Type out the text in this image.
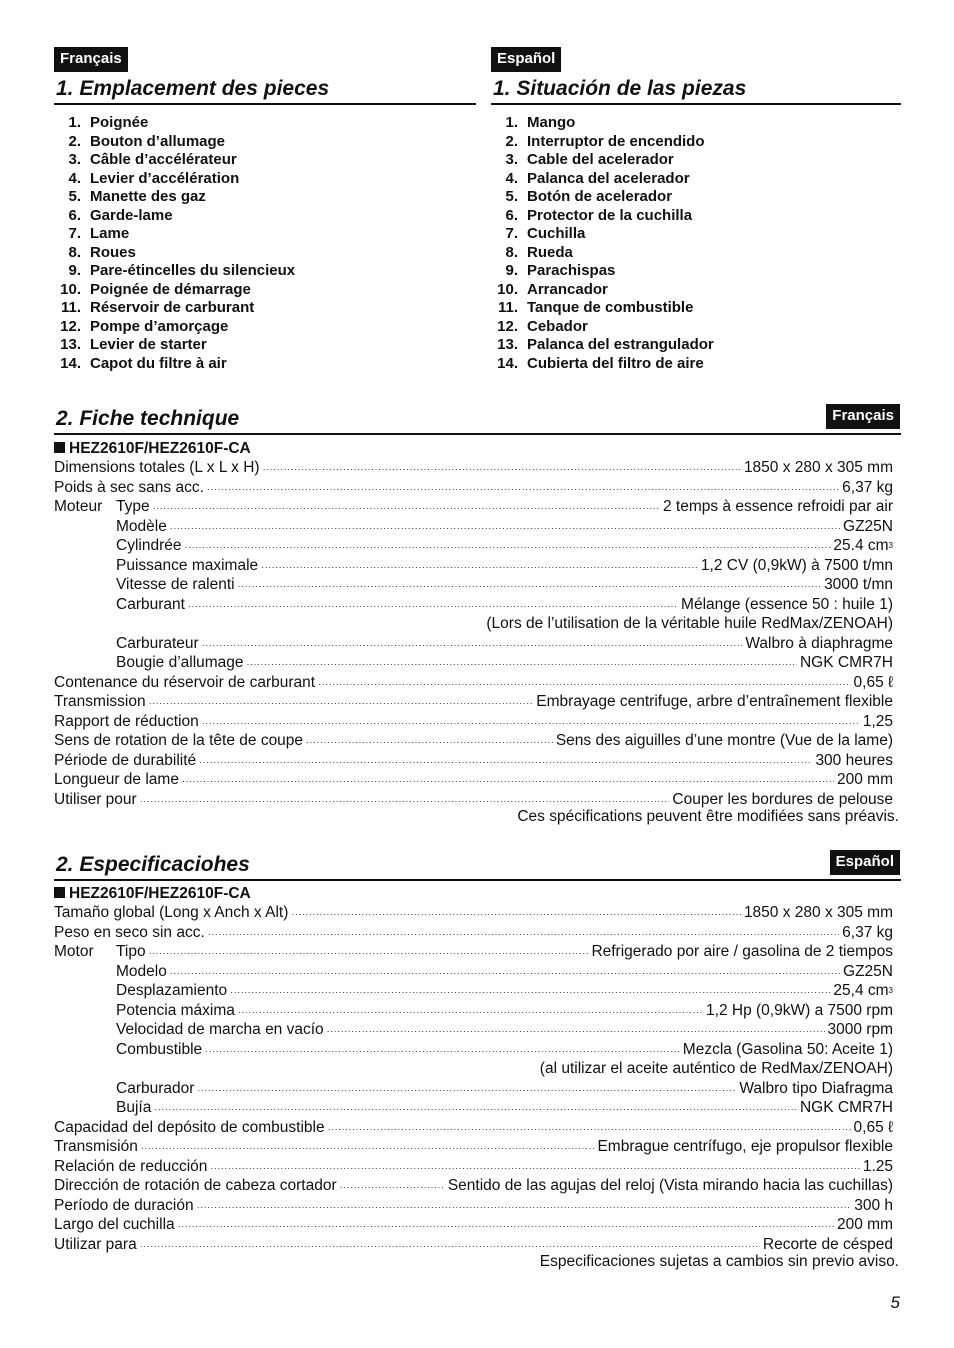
Français
1. Emplacement des pieces
1. Poignée
2. Bouton d’allumage
3. Câble d’accélérateur
4. Levier d’accélération
5. Manette des gaz
6. Garde-lame
7. Lame
8. Roues
9. Pare-étincelles du silencieux
10. Poignée de démarrage
11. Réservoir de carburant
12. Pompe d’amorçage
13. Levier de starter
14. Capot du filtre à air
Español
1. Situación de las piezas
1. Mango
2. Interruptor de encendido
3. Cable del acelerador
4. Palanca del acelerador
5. Botón de acelerador
6. Protector de la cuchilla
7. Cuchilla
8. Rueda
9. Parachispas
10. Arrancador
11. Tanque de combustible
12. Cebador
13. Palanca del estrangulador
14. Cubierta del filtro de aire
2. Fiche technique	Français
HEZ2610F/HEZ2610F-CA
Dimensions totales (L x L x H) ·····	1850 x 280 x 305 mm
Poids à sec sans acc. ·····	6,37 kg
Moteur Type ·····	2 temps à essence refroidi par air
Modèle ·····	GZ25N
Cylindrée ·····	25.4 $cm^3$
Puissance maximale ·····	1,2 CV (0,9kW) à 7500 t/mn
Vitesse de ralenti ·····	3000 t/mn
Carburant ·····	Mélange (essence 50 : huile 1)
(Lors de l’utilisation de la véritable huile RedMax/ZENOAH)
Carburateur ·····	Walbro à diaphragme
Bougie d’allumage ·····	NGK CMR7H
Contenance du réservoir de carburant ·····	0,65 ℓ
Transmission ·····	Embrayage centrifuge, arbre d’entraînement flexible
Rapport de réduction ·····	1,25
Sens de rotation de la tête de coupe ·····	Sens des aiguilles d’une montre (Vue de la lame)
Période de durabilité ·····	300 heures
Longueur de lame ·····	200 mm
Utiliser pour ·····	Couper les bordures de pelouse
Ces spécifications peuvent être modifiées sans préavis.
2. Especificaciohes	Español
HEZ2610F/HEZ2610F-CA
Tamaño global (Long x Anch x Alt) ·····	1850 x 280 x 305 mm
Peso en seco sin acc. ·····	6,37 kg
Motor	Tipo ·····	Refrigerado por aire / gasolina de 2 tiempos
Modelo ·····	GZ25N
Desplazamiento ·····	25,4 $cm^3$
Potencia máxima ·····	1,2 Hp (0,9kW) a 7500 rpm
Velocidad de marcha en vacío ·····	3000 rpm
Combustible ·····	Mezcla (Gasolina 50: Aceite 1)
(al utilizar el aceite auténtico de RedMax/ZENOAH)
Carburador ·····	Walbro tipo Diafragma
Bujía ·····	NGK CMR7H
Capacidad del depósito de combustible ·····	0,65 ℓ
Transmisión ·····	Embrague centrífugo, eje propulsor flexible
Relación de reducción ·····	1.25
Dirección de rotación de cabeza cortador ·····	Sentido de las agujas del reloj (Vista mirando hacia las cuchillas)
Período de duración ·····	300 h
Largo del cuchilla ·····	200 mm
Utilizar para ·····	Recorte de césped
Especificaciones sujetas a cambios sin previo aviso.
5
